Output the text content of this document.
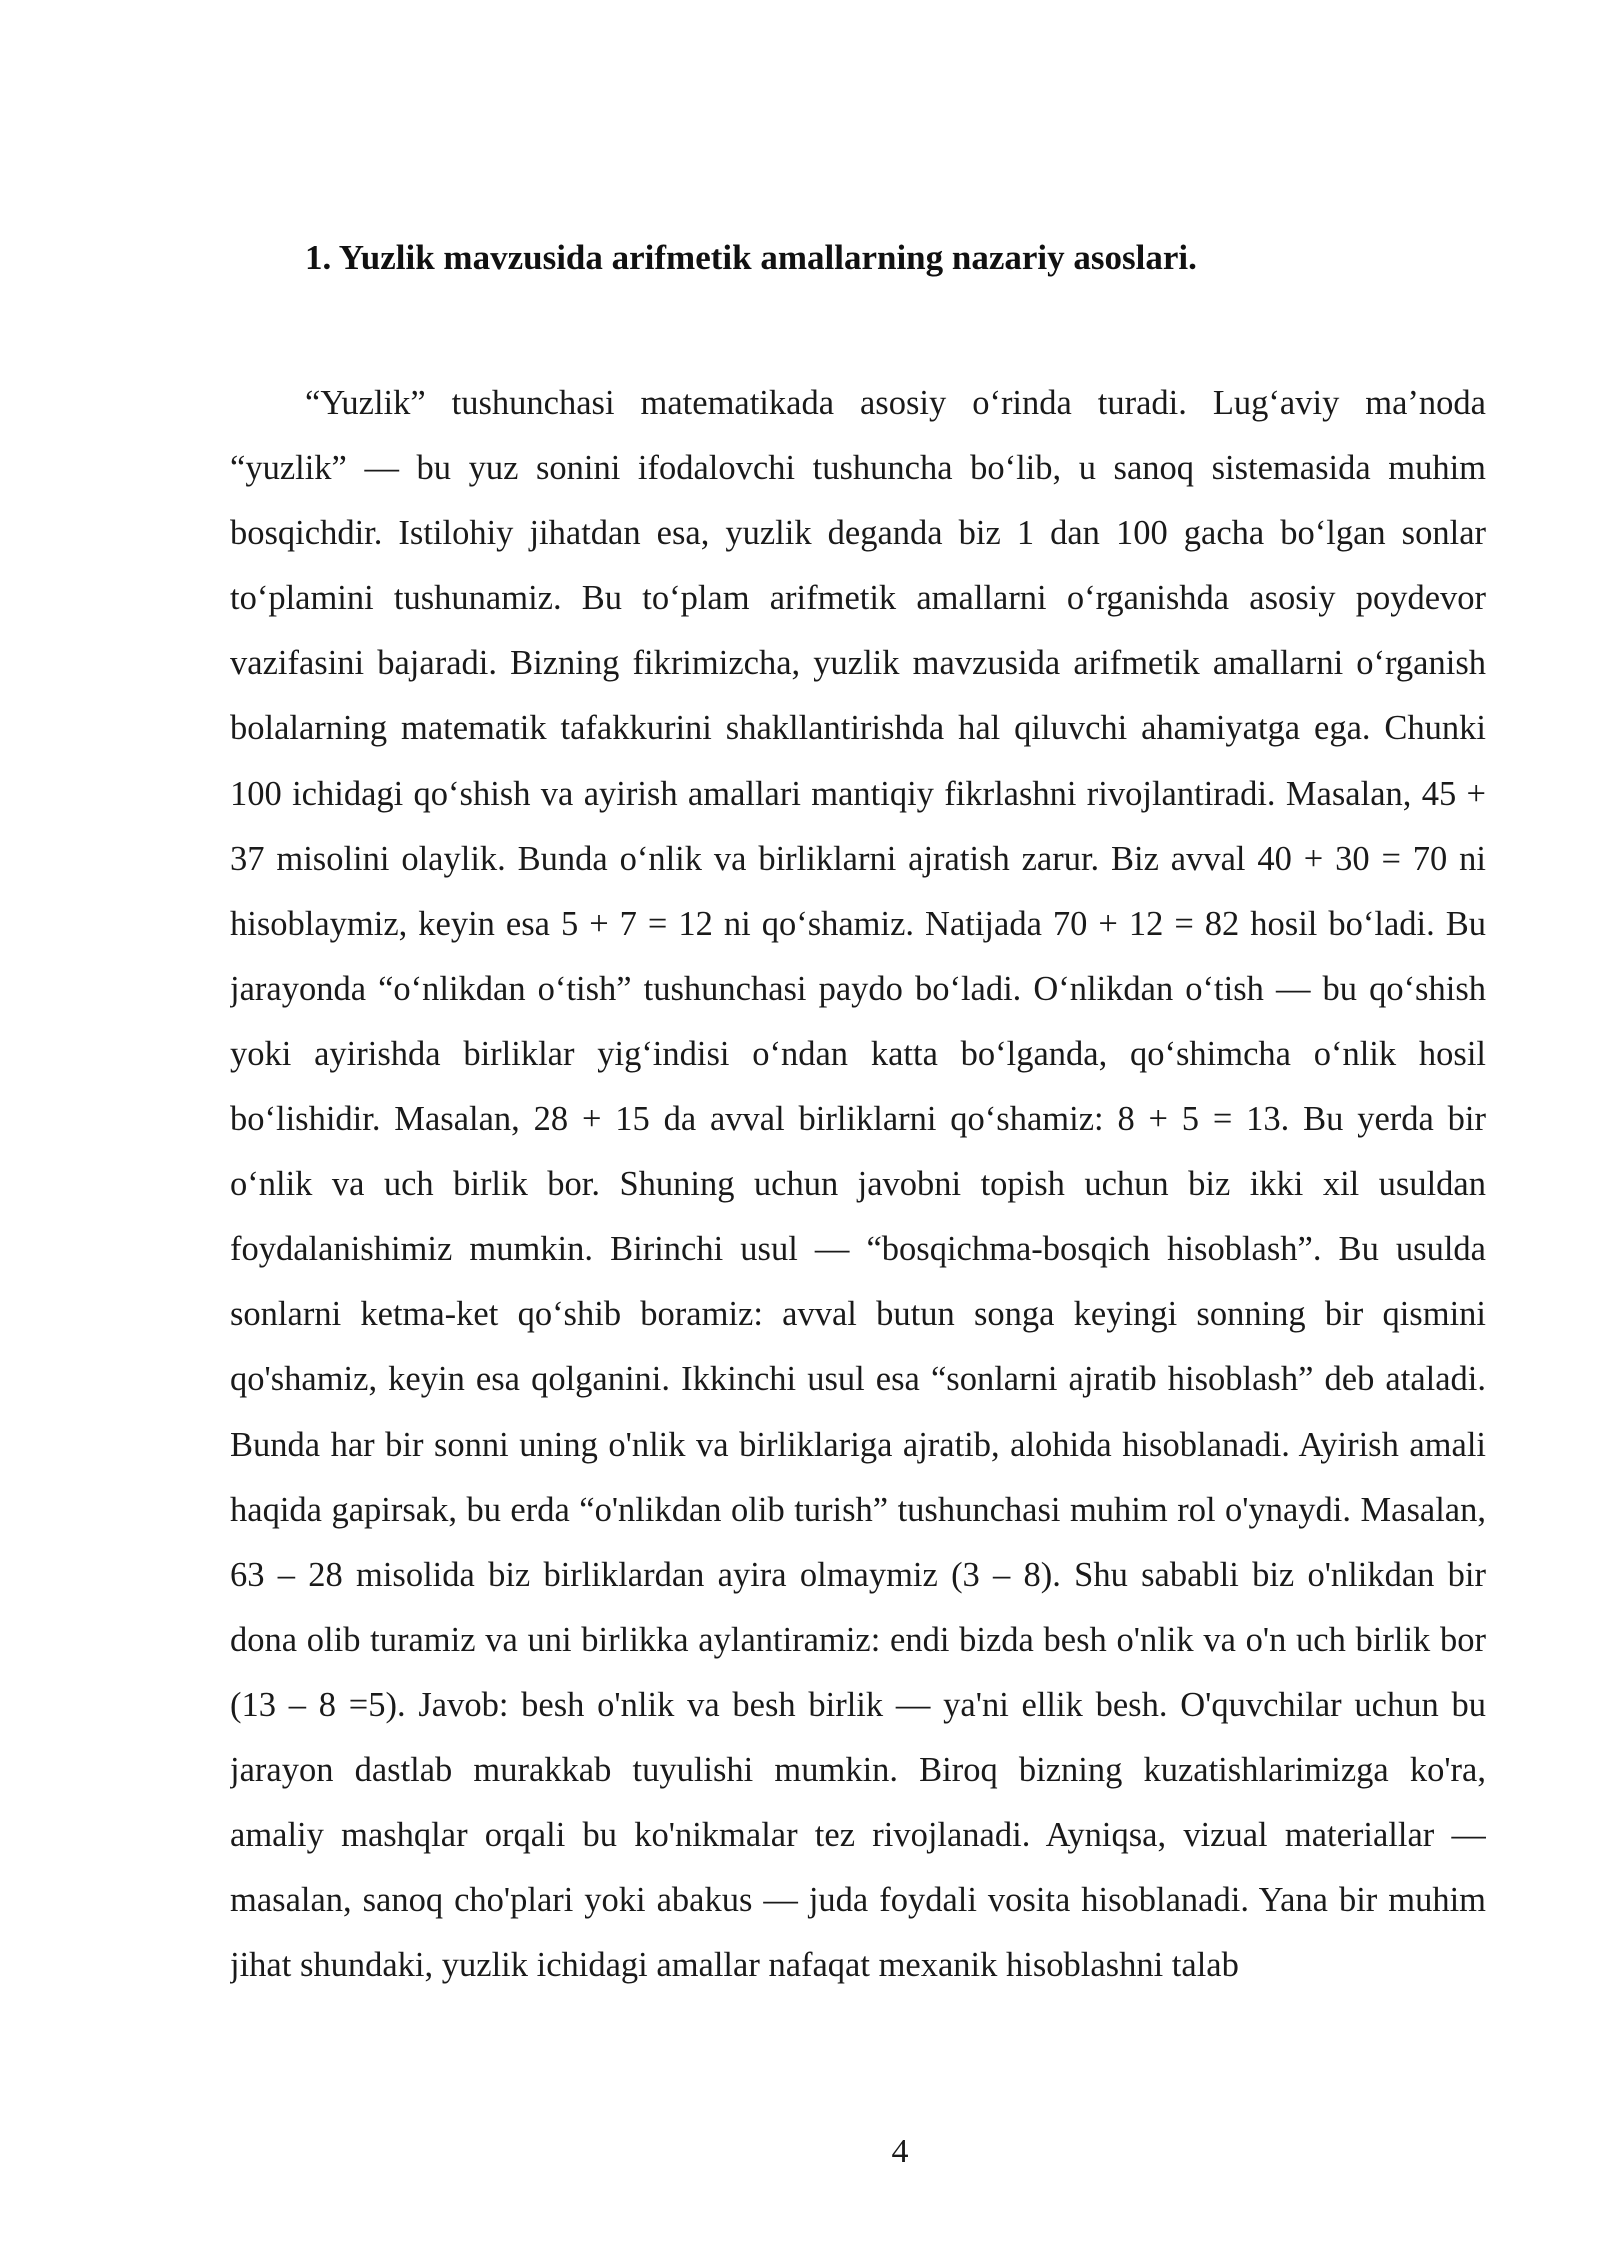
1. Yuzlik mavzusida arifmetik amallarning nazariy asoslari.

“Yuzlik” tushunchasi matematikada asosiy o‘rinda turadi. Lug‘aviy ma’noda “yuzlik” — bu yuz sonini ifodalovchi tushuncha bo‘lib, u sanoq sistemasida muhim bosqichdir. Istilohiy jihatdan esa, yuzlik deganda biz 1 dan 100 gacha bo‘lgan sonlar to‘plamini tushunamiz. Bu to‘plam arifmetik amallarni o‘rganishda asosiy poydevor vazifasini bajaradi. Bizning fikrimizcha, yuzlik mavzusida arifmetik amallarni o‘rganish bolalarning matematik tafakkurini shakllantirishda hal qiluvchi ahamiyatga ega. Chunki 100 ichidagi qo‘shish va ayirish amallari mantiqiy fikrlashni rivojlantiradi. Masalan, 45 + 37 misolini olaylik. Bunda o‘nlik va birliklarni ajratish zarur. Biz avval 40 + 30 = 70 ni hisoblaymiz, keyin esa 5 + 7 = 12 ni qo‘shamiz. Natijada 70 + 12 = 82 hosil bo‘ladi. Bu jarayonda “o‘nlikdan o‘tish” tushunchasi paydo bo‘ladi. O‘nlikdan o‘tish — bu qo‘shish yoki ayirishda birliklar yig‘indisi o‘ndan katta bo‘lganda, qo‘shimcha o‘nlik hosil bo‘lishidir. Masalan, 28 + 15 da avval birliklarni qo‘shamiz: 8 + 5 = 13. Bu yerda bir o‘nlik va uch birlik bor. Shuning uchun javobni topish uchun biz ikki xil usuldan foydalanishimiz mumkin. Birinchi usul — “bosqichma-bosqich hisoblash”. Bu usulda sonlarni ketma-ket qo‘shib boramiz: avval butun songa keyingi sonning bir qismini qo'shamiz, keyin esa qolganini. Ikkinchi usul esa “sonlarni ajratib hisoblash” deb ataladi. Bunda har bir sonni uning o'nlik va birliklariga ajratib, alohida hisoblanadi. Ayirish amali haqida gapirsak, bu erda “o'nlikdan olib turish” tushunchasi muhim rol o'ynaydi. Masalan, 63 – 28 misolida biz birliklardan ayira olmaymiz (3 – 8). Shu sababli biz o'nlikdan bir dona olib turamiz va uni birlikka aylantiramiz: endi bizda besh o'nlik va o'n uch birlik bor (13 – 8 =5). Javob: besh o'nlik va besh birlik — ya'ni ellik besh. O'quvchilar uchun bu jarayon dastlab murakkab tuyulishi mumkin. Biroq bizning kuzatishlarimizga ko'ra, amaliy mashqlar orqali bu ko'nikmalar tez rivojlanadi. Ayniqsa, vizual materiallar — masalan, sanoq cho'plari yoki abakus — juda foydali vosita hisoblanadi. Yana bir muhim jihat shundaki, yuzlik ichidagi amallar nafaqat mexanik hisoblashni talab

4
